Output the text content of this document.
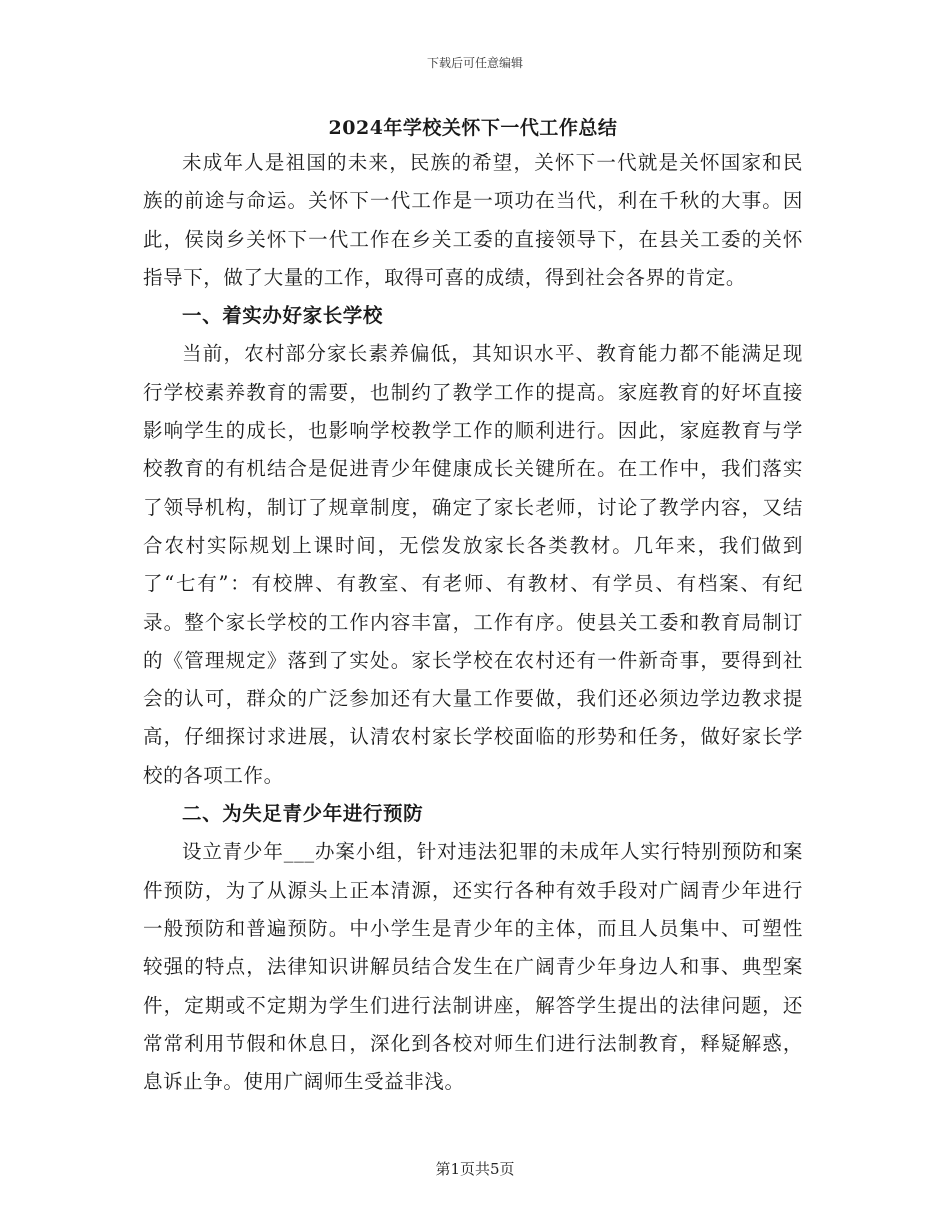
下载后可任意编辑
2024年学校关怀下一代工作总结

未成年人是祖国的未来，民族的希望，关怀下一代就是关怀国家和民族的前途与命运。关怀下一代工作是一项功在当代，利在千秋的大事。因此，侯岗乡关怀下一代工作在乡关工委的直接领导下，在县关工委的关怀指导下，做了大量的工作，取得可喜的成绩，得到社会各界的肯定。

一、着实办好家长学校

当前，农村部分家长素养偏低，其知识水平、教育能力都不能满足现行学校素养教育的需要，也制约了教学工作的提高。家庭教育的好坏直接影响学生的成长，也影响学校教学工作的顺利进行。因此，家庭教育与学校教育的有机结合是促进青少年健康成长关键所在。在工作中，我们落实了领导机构，制订了规章制度，确定了家长老师，讨论了教学内容，又结合农村实际规划上课时间，无偿发放家长各类教材。几年来，我们做到了“七有”：有校牌、有教室、有老师、有教材、有学员、有档案、有纪录。整个家长学校的工作内容丰富，工作有序。使县关工委和教育局制订的《管理规定》落到了实处。家长学校在农村还有一件新奇事，要得到社会的认可，群众的广泛参加还有大量工作要做，我们还必须边学边教求提高，仔细探讨求进展，认清农村家长学校面临的形势和任务，做好家长学校的各项工作。

二、为失足青少年进行预防

设立青少年___办案小组，针对违法犯罪的未成年人实行特别预防和案件预防，为了从源头上正本清源，还实行各种有效手段对广阔青少年进行一般预防和普遍预防。中小学生是青少年的主体，而且人员集中、可塑性较强的特点，法律知识讲解员结合发生在广阔青少年身边人和事、典型案件，定期或不定期为学生们进行法制讲座，解答学生提出的法律问题，还常常利用节假和休息日，深化到各校对师生们进行法制教育，释疑解惑，息诉止争。使用广阔师生受益非浅。

第1页共5页
